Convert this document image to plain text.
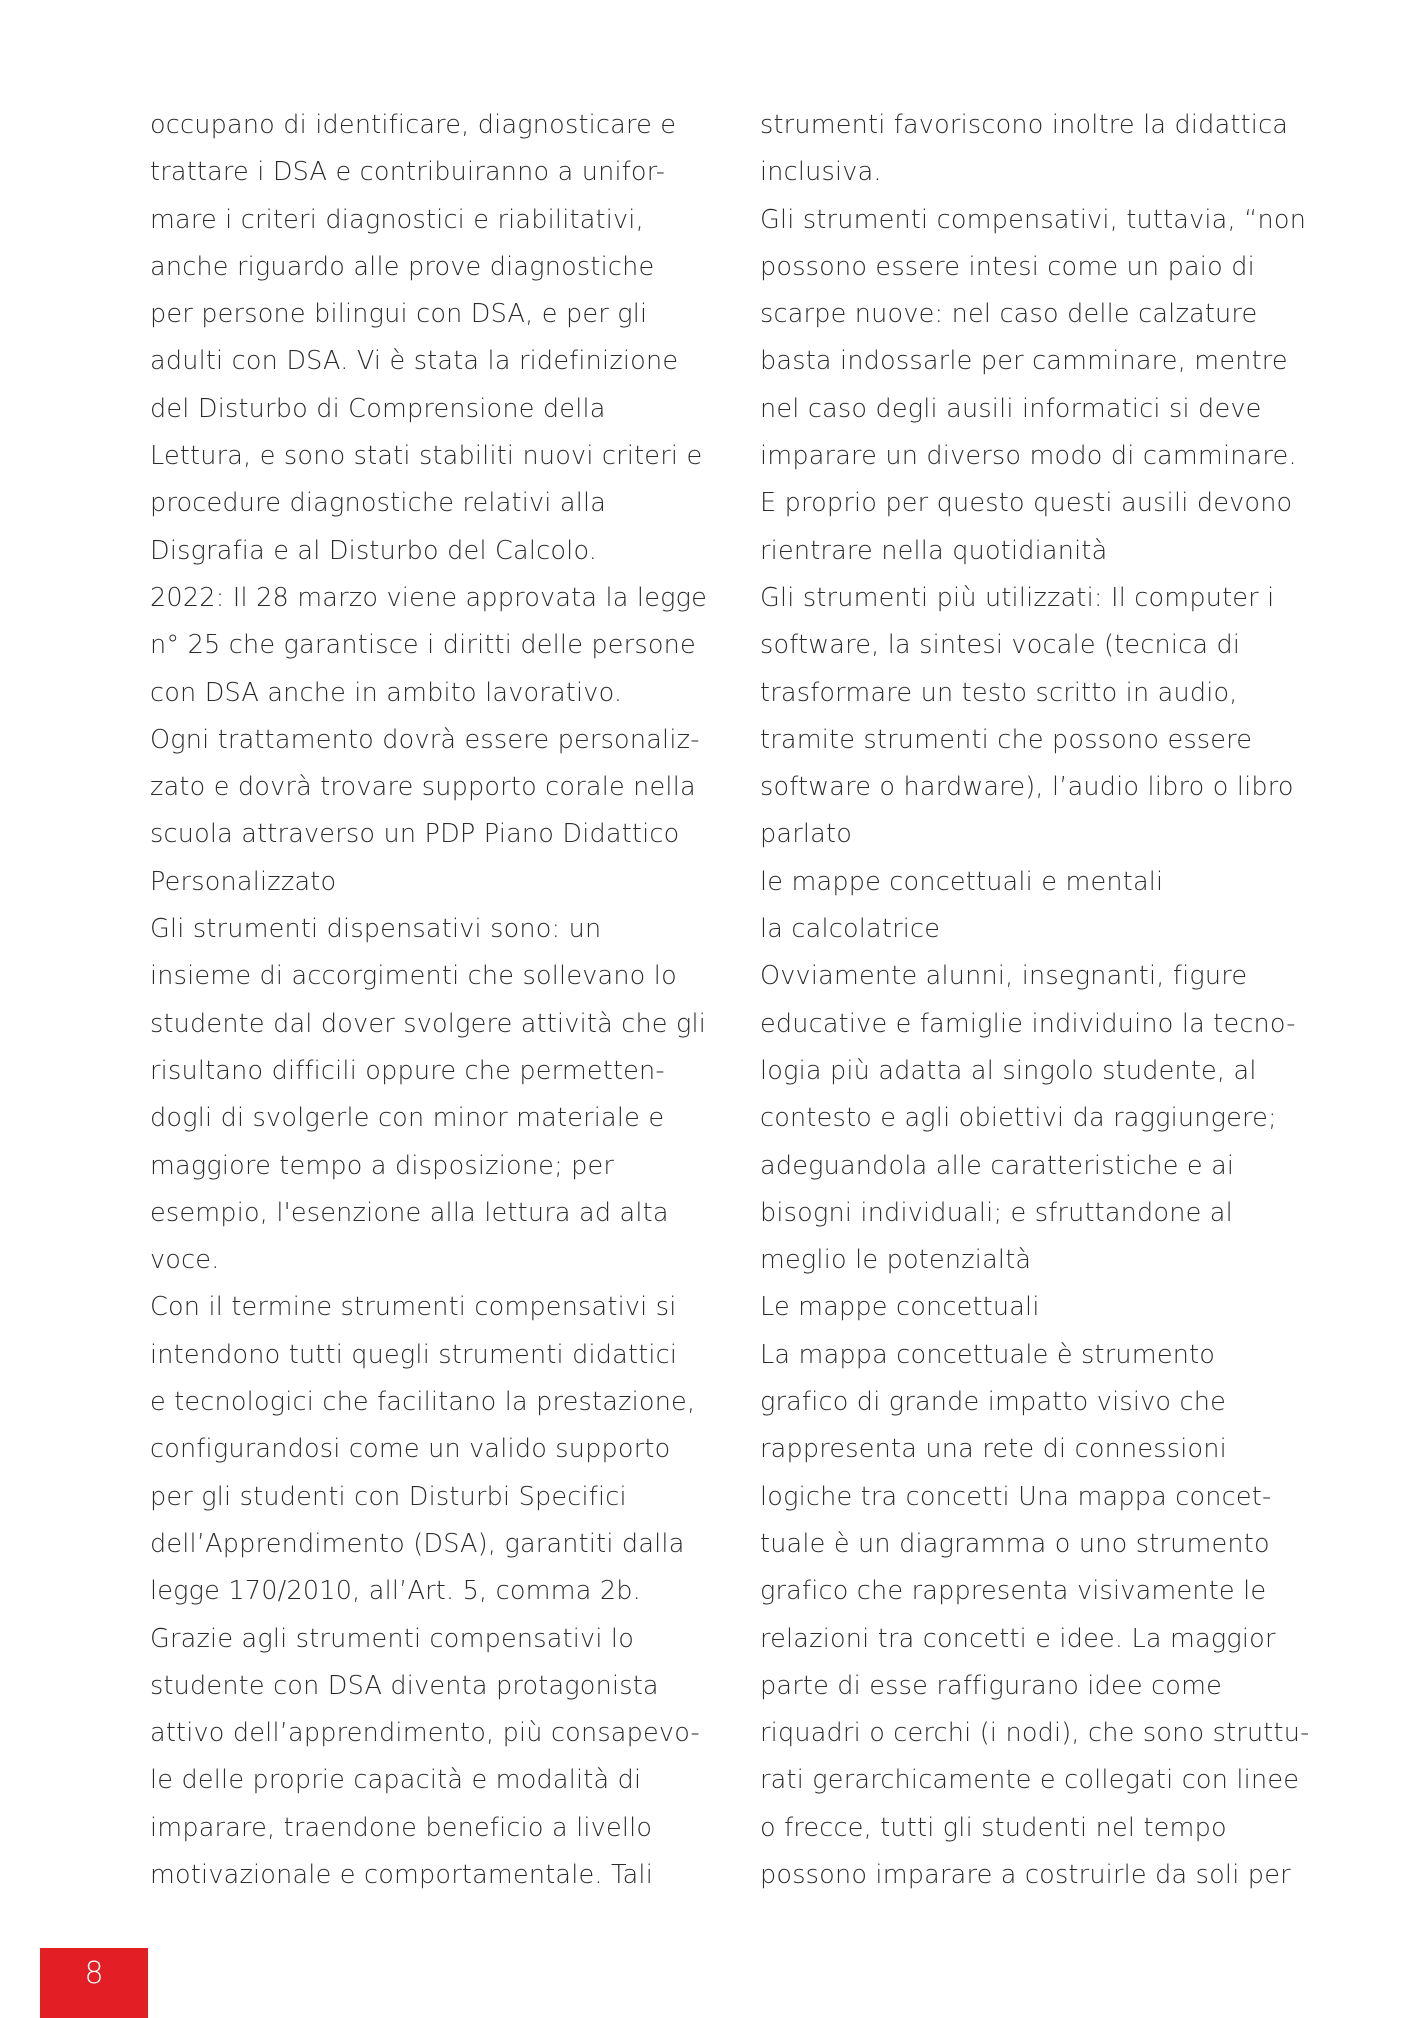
occupano di identificare, diagnosticare e
trattare i DSA e contribuiranno a unifor-
mare i criteri diagnostici e riabilitativi,
anche riguardo alle prove diagnostiche
per persone bilingui con DSA, e per gli
adulti con DSA. Vi è stata la ridefinizione
del Disturbo di Comprensione della
Lettura, e sono stati stabiliti nuovi criteri e
procedure diagnostiche relativi alla
Disgrafia e al Disturbo del Calcolo.
2022: Il 28 marzo viene approvata la legge
n° 25 che garantisce i diritti delle persone
con DSA anche in ambito lavorativo.
Ogni trattamento dovrà essere personaliz-
zato e dovrà trovare supporto corale nella
scuola attraverso un PDP Piano Didattico
Personalizzato
Gli strumenti dispensativi sono: un
insieme di accorgimenti che sollevano lo
studente dal dover svolgere attività che gli
risultano difficili oppure che permetten-
dogli di svolgerle con minor materiale e
maggiore tempo a disposizione; per
esempio, l'esenzione alla lettura ad alta
voce.
Con il termine strumenti compensativi si
intendono tutti quegli strumenti didattici
e tecnologici che facilitano la prestazione,
configurandosi come un valido supporto
per gli studenti con Disturbi Specifici
dell’Apprendimento (DSA), garantiti dalla
legge 170/2010, all’Art. 5, comma 2b.
Grazie agli strumenti compensativi lo
studente con DSA diventa protagonista
attivo dell’apprendimento, più consapevo-
le delle proprie capacità e modalità di
imparare, traendone beneficio a livello
motivazionale e comportamentale. Tali
strumenti favoriscono inoltre la didattica
inclusiva.
Gli strumenti compensativi, tuttavia, “non
possono essere intesi come un paio di
scarpe nuove: nel caso delle calzature
basta indossarle per camminare, mentre
nel caso degli ausili informatici si deve
imparare un diverso modo di camminare.
E proprio per questo questi ausili devono
rientrare nella quotidianità
Gli strumenti più utilizzati: Il computer i
software, la sintesi vocale (tecnica di
trasformare un testo scritto in audio,
tramite strumenti che possono essere
software o hardware), l’audio libro o libro
parlato
le mappe concettuali e mentali
la calcolatrice
Ovviamente alunni, insegnanti, figure
educative e famiglie individuino la tecno-
logia più adatta al singolo studente, al
contesto e agli obiettivi da raggiungere;
adeguandola alle caratteristiche e ai
bisogni individuali; e sfruttandone al
meglio le potenzialtà
Le mappe concettuali
La mappa concettuale è strumento
grafico di grande impatto visivo che
rappresenta una rete di connessioni
logiche tra concetti Una mappa concet-
tuale è un diagramma o uno strumento
grafico che rappresenta visivamente le
relazioni tra concetti e idee. La maggior
parte di esse raffigurano idee come
riquadri o cerchi (i nodi), che sono struttu-
rati gerarchicamente e collegati con linee
o frecce, tutti gli studenti nel tempo
possono imparare a costruirle da soli per
8
